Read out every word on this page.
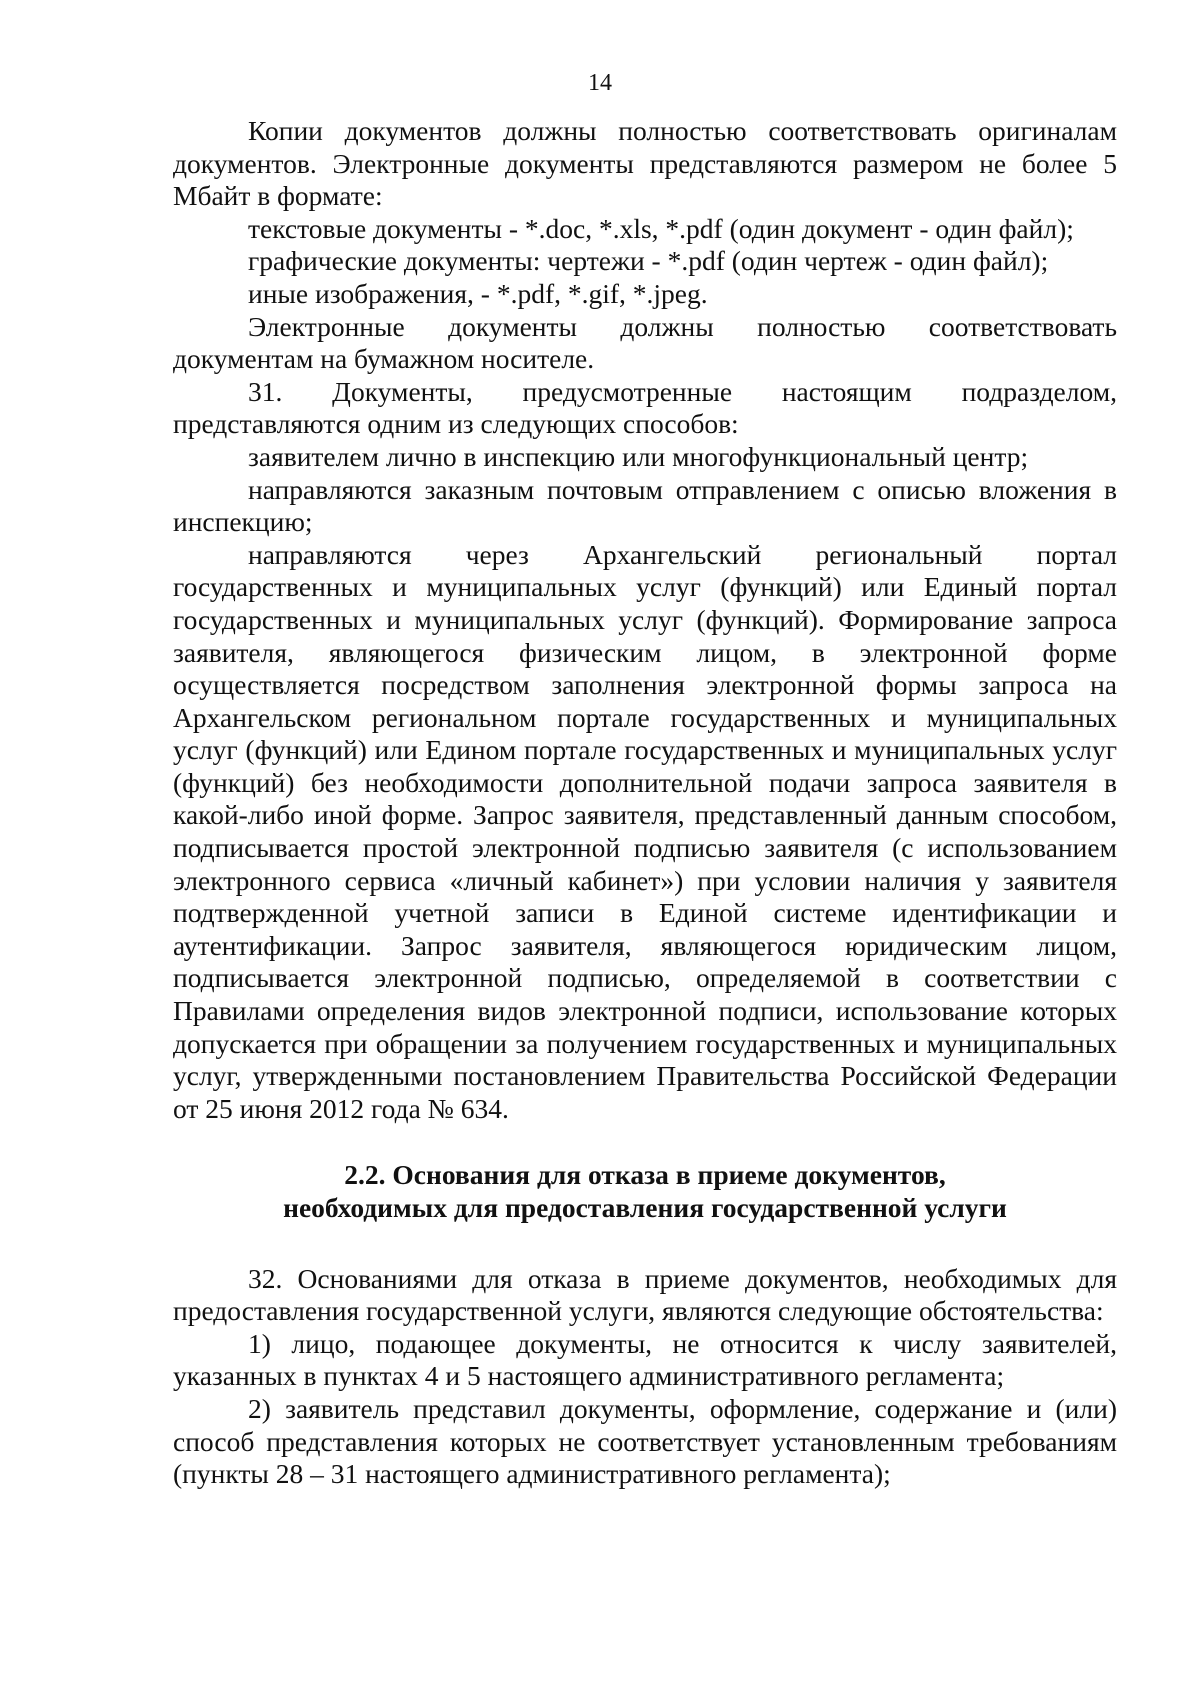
14

Копии документов должны полностью соответствовать оригиналам документов. Электронные документы представляются размером не более 5 Мбайт в формате:

текстовые документы - *.doc, *.xls, *.pdf (один документ - один файл);

графические документы: чертежи - *.pdf (один чертеж - один файл);

иные изображения, - *.pdf, *.gif, *.jpeg.

Электронные документы должны полностью соответствовать документам на бумажном носителе.

31. Документы, предусмотренные настоящим подразделом, представляются одним из следующих способов:

заявителем лично в инспекцию или многофункциональный центр;

направляются заказным почтовым отправлением с описью вложения в инспекцию;

направляются через Архангельский региональный портал государственных и муниципальных услуг (функций) или Единый портал государственных и муниципальных услуг (функций). Формирование запроса заявителя, являющегося физическим лицом, в электронной форме осуществляется посредством заполнения электронной формы запроса на Архангельском региональном портале государственных и муниципальных услуг (функций) или Едином портале государственных и муниципальных услуг (функций) без необходимости дополнительной подачи запроса заявителя в какой-либо иной форме. Запрос заявителя, представленный данным способом, подписывается простой электронной подписью заявителя (с использованием электронного сервиса «личный кабинет») при условии наличия у заявителя подтвержденной учетной записи в Единой системе идентификации и аутентификации. Запрос заявителя, являющегося юридическим лицом, подписывается электронной подписью, определяемой в соответствии с Правилами определения видов электронной подписи, использование которых допускается при обращении за получением государственных и муниципальных услуг, утвержденными постановлением Правительства Российской Федерации от 25 июня 2012 года № 634.

2.2. Основания для отказа в приеме документов,
необходимых для предоставления государственной услуги

32. Основаниями для отказа в приеме документов, необходимых для предоставления государственной услуги, являются следующие обстоятельства:

1) лицо, подающее документы, не относится к числу заявителей, указанных в пунктах 4 и 5 настоящего административного регламента;

2) заявитель представил документы, оформление, содержание и (или) способ представления которых не соответствует установленным требованиям (пункты 28 – 31 настоящего административного регламента);
